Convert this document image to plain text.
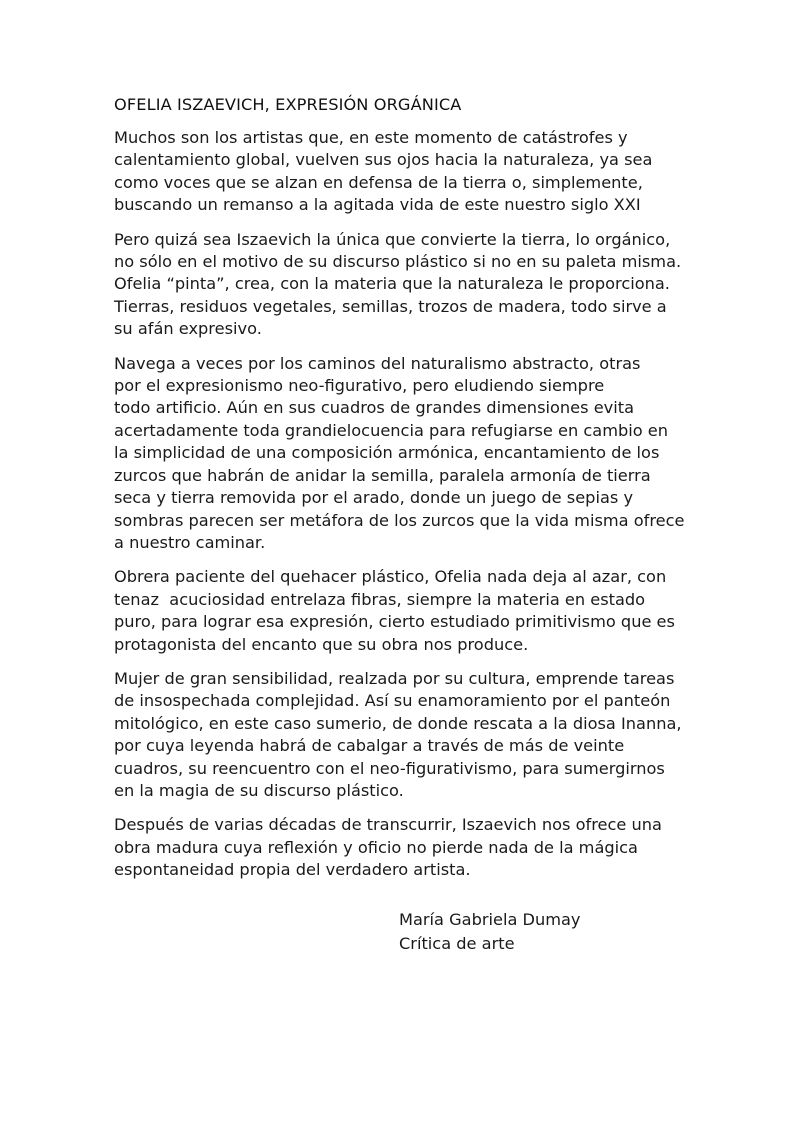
OFELIA ISZAEVICH, EXPRESIÓN ORGÁNICA
Muchos son los artistas que, en este momento de catástrofes y
calentamiento global, vuelven sus ojos hacia la naturaleza, ya sea
como voces que se alzan en defensa de la tierra o, simplemente,
buscando un remanso a la agitada vida de este nuestro siglo XXI
Pero quizá sea Iszaevich la única que convierte la tierra, lo orgánico,
no sólo en el motivo de su discurso plástico si no en su paleta misma.
Ofelia “pinta”, crea, con la materia que la naturaleza le proporciona.
Tierras, residuos vegetales, semillas, trozos de madera, todo sirve a
su afán expresivo.
Navega a veces por los caminos del naturalismo abstracto, otras
por el expresionismo neo-figurativo, pero eludiendo siempre
todo artificio. Aún en sus cuadros de grandes dimensiones evita
acertadamente toda grandielocuencia para refugiarse en cambio en
la simplicidad de una composición armónica, encantamiento de los
zurcos que habrán de anidar la semilla, paralela armonía de tierra
seca y tierra removida por el arado, donde un juego de sepias y
sombras parecen ser metáfora de los zurcos que la vida misma ofrece
a nuestro caminar.
Obrera paciente del quehacer plástico, Ofelia nada deja al azar, con
tenaz  acuciosidad entrelaza fibras, siempre la materia en estado
puro, para lograr esa expresión, cierto estudiado primitivismo que es
protagonista del encanto que su obra nos produce.
Mujer de gran sensibilidad, realzada por su cultura, emprende tareas
de insospechada complejidad. Así su enamoramiento por el panteón
mitológico, en este caso sumerio, de donde rescata a la diosa Inanna,
por cuya leyenda habrá de cabalgar a través de más de veinte
cuadros, su reencuentro con el neo-figurativismo, para sumergirnos
en la magia de su discurso plástico.
Después de varias décadas de transcurrir, Iszaevich nos ofrece una
obra madura cuya reflexión y oficio no pierde nada de la mágica
espontaneidad propia del verdadero artista.
María Gabriela Dumay
Crítica de arte
